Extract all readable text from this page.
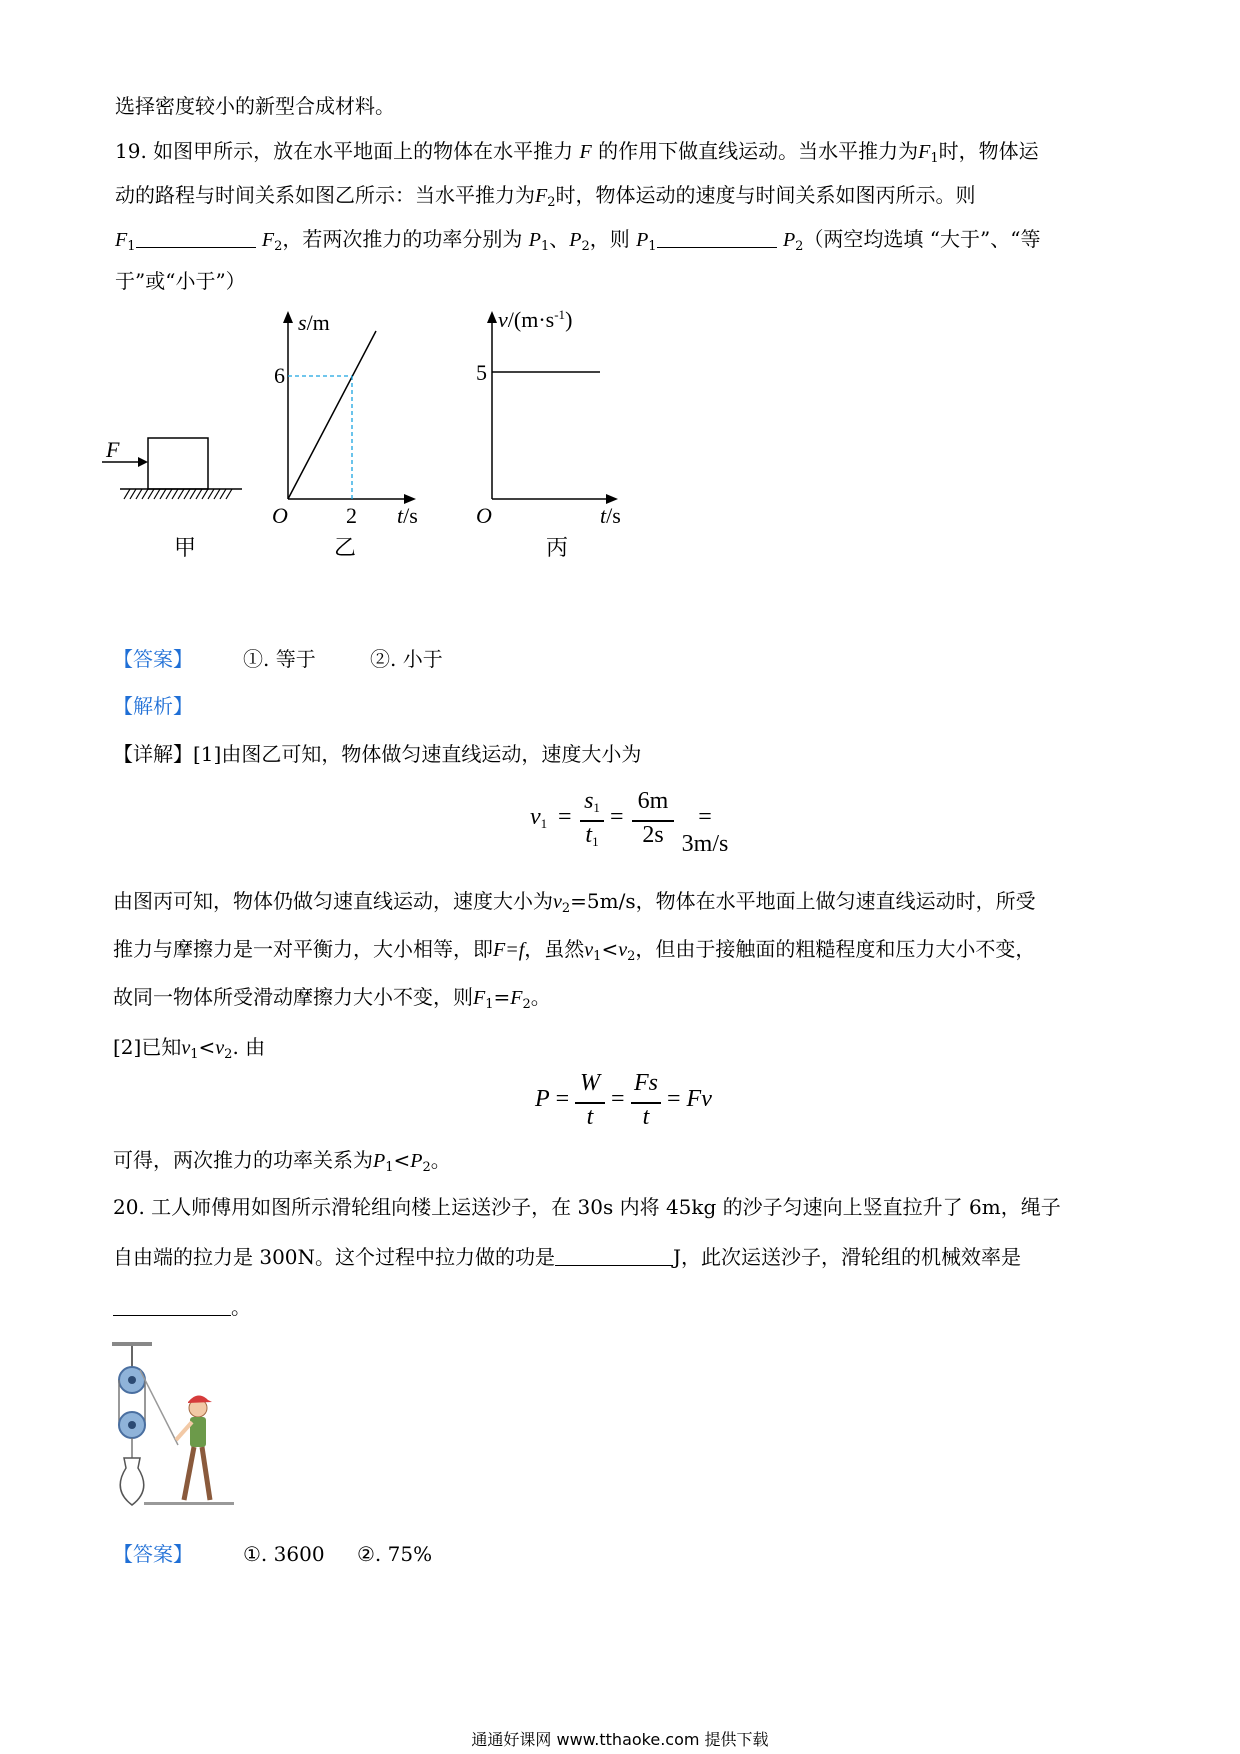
选择密度较小的新型合成材料。
19. 如图甲所示，放在水平地面上的物体在水平推力 F 的作用下做直线运动。当水平推力为$F_1$时，物体运
动的路程与时间关系如图乙所示：当水平推力为$F_2$时，物体运动的速度与时间关系如图丙所示。则
$F_1$	$F_2$，若两次推力的功率分别为 $P_1$、$P_2$，则 $P_1$	$P_2$（两空均选填 “大于”、“等
于”或“小于”）
F
甲
s/m
6
2
O	t/s
乙
$v/(m\cdot s^{-1})$
5
O	t/s
丙
【答案】	①. 等于	②. 小于
【解析】
【详解】[1]由图乙可知，物体做匀速直线运动，速度大小为
$v_1$ =
$s_1$
$t_1$
=
6m
2s
= 3m/s
由图丙可知，物体仍做匀速直线运动，速度大小为$v_2=5m/s$，物体在水平地面上做匀速直线运动时，所受
推力与摩擦力是一对平衡力，大小相等，即F=f，虽然$v_1<v_2$，但由于接触面的粗糙程度和压力大小不变，
故同一物体所受滑动摩擦力大小不变，则$F_1=F_2$。
[2]已知$v_1<v_2$. 由
P =
W
t
=
Fs
t
= Fv
可得，两次推力的功率关系为$P_1<P_2$。
20. 工人师傅用如图所示滑轮组向楼上运送沙子，在 30s 内将 45kg 的沙子匀速向上竖直拉升了 6m，绳子
自由端的拉力是 300N。这个过程中拉力做的功是	J，此次运送沙子，滑轮组的机械效率是
。
【答案】	①. 3600 ②. 75%
通通好课网 www.tthaoke.com 提供下载
